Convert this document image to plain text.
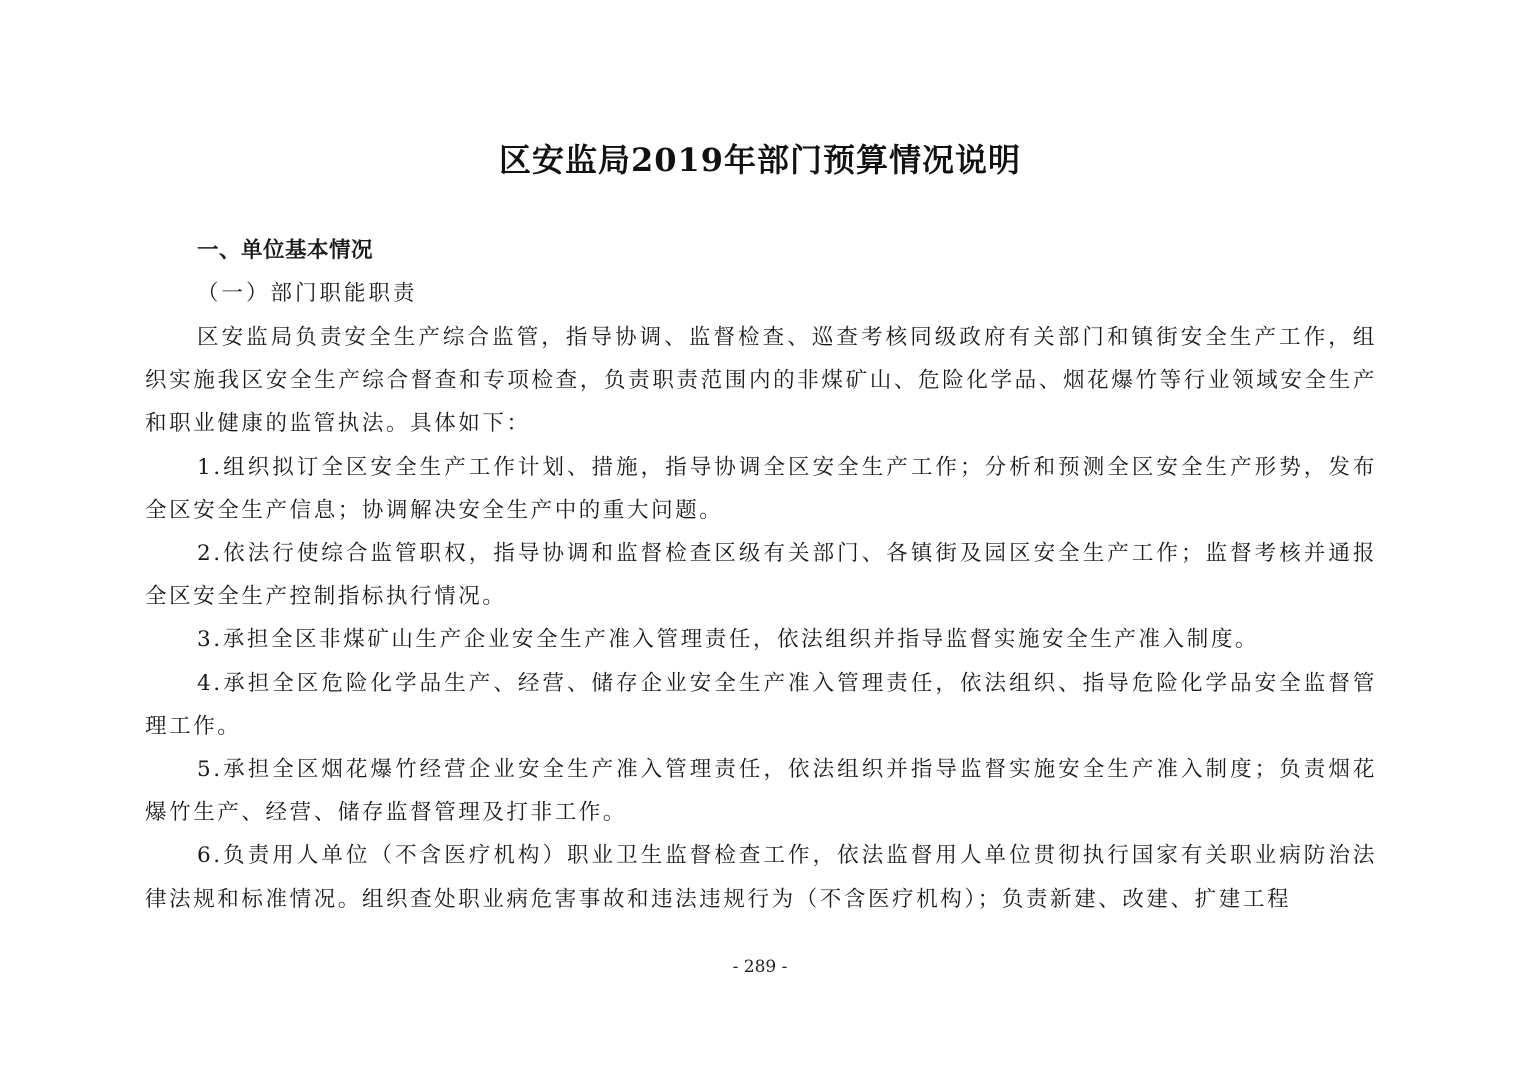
区安监局2019年部门预算情况说明

一、单位基本情况

（一）部门职能职责

区安监局负责安全生产综合监管，指导协调、监督检查、巡查考核同级政府有关部门和镇街安全生产工作，组织实施我区安全生产综合督查和专项检查，负责职责范围内的非煤矿山、危险化学品、烟花爆竹等行业领域安全生产和职业健康的监管执法。具体如下：

1.组织拟订全区安全生产工作计划、措施，指导协调全区安全生产工作；分析和预测全区安全生产形势，发布全区安全生产信息；协调解决安全生产中的重大问题。

2.依法行使综合监管职权，指导协调和监督检查区级有关部门、各镇街及园区安全生产工作；监督考核并通报全区安全生产控制指标执行情况。

3.承担全区非煤矿山生产企业安全生产准入管理责任，依法组织并指导监督实施安全生产准入制度。

4.承担全区危险化学品生产、经营、储存企业安全生产准入管理责任，依法组织、指导危险化学品安全监督管理工作。

5.承担全区烟花爆竹经营企业安全生产准入管理责任，依法组织并指导监督实施安全生产准入制度；负责烟花爆竹生产、经营、储存监督管理及打非工作。

6.负责用人单位（不含医疗机构）职业卫生监督检查工作，依法监督用人单位贯彻执行国家有关职业病防治法律法规和标准情况。组织查处职业病危害事故和违法违规行为（不含医疗机构）；负责新建、改建、扩建工程

- 289 -
